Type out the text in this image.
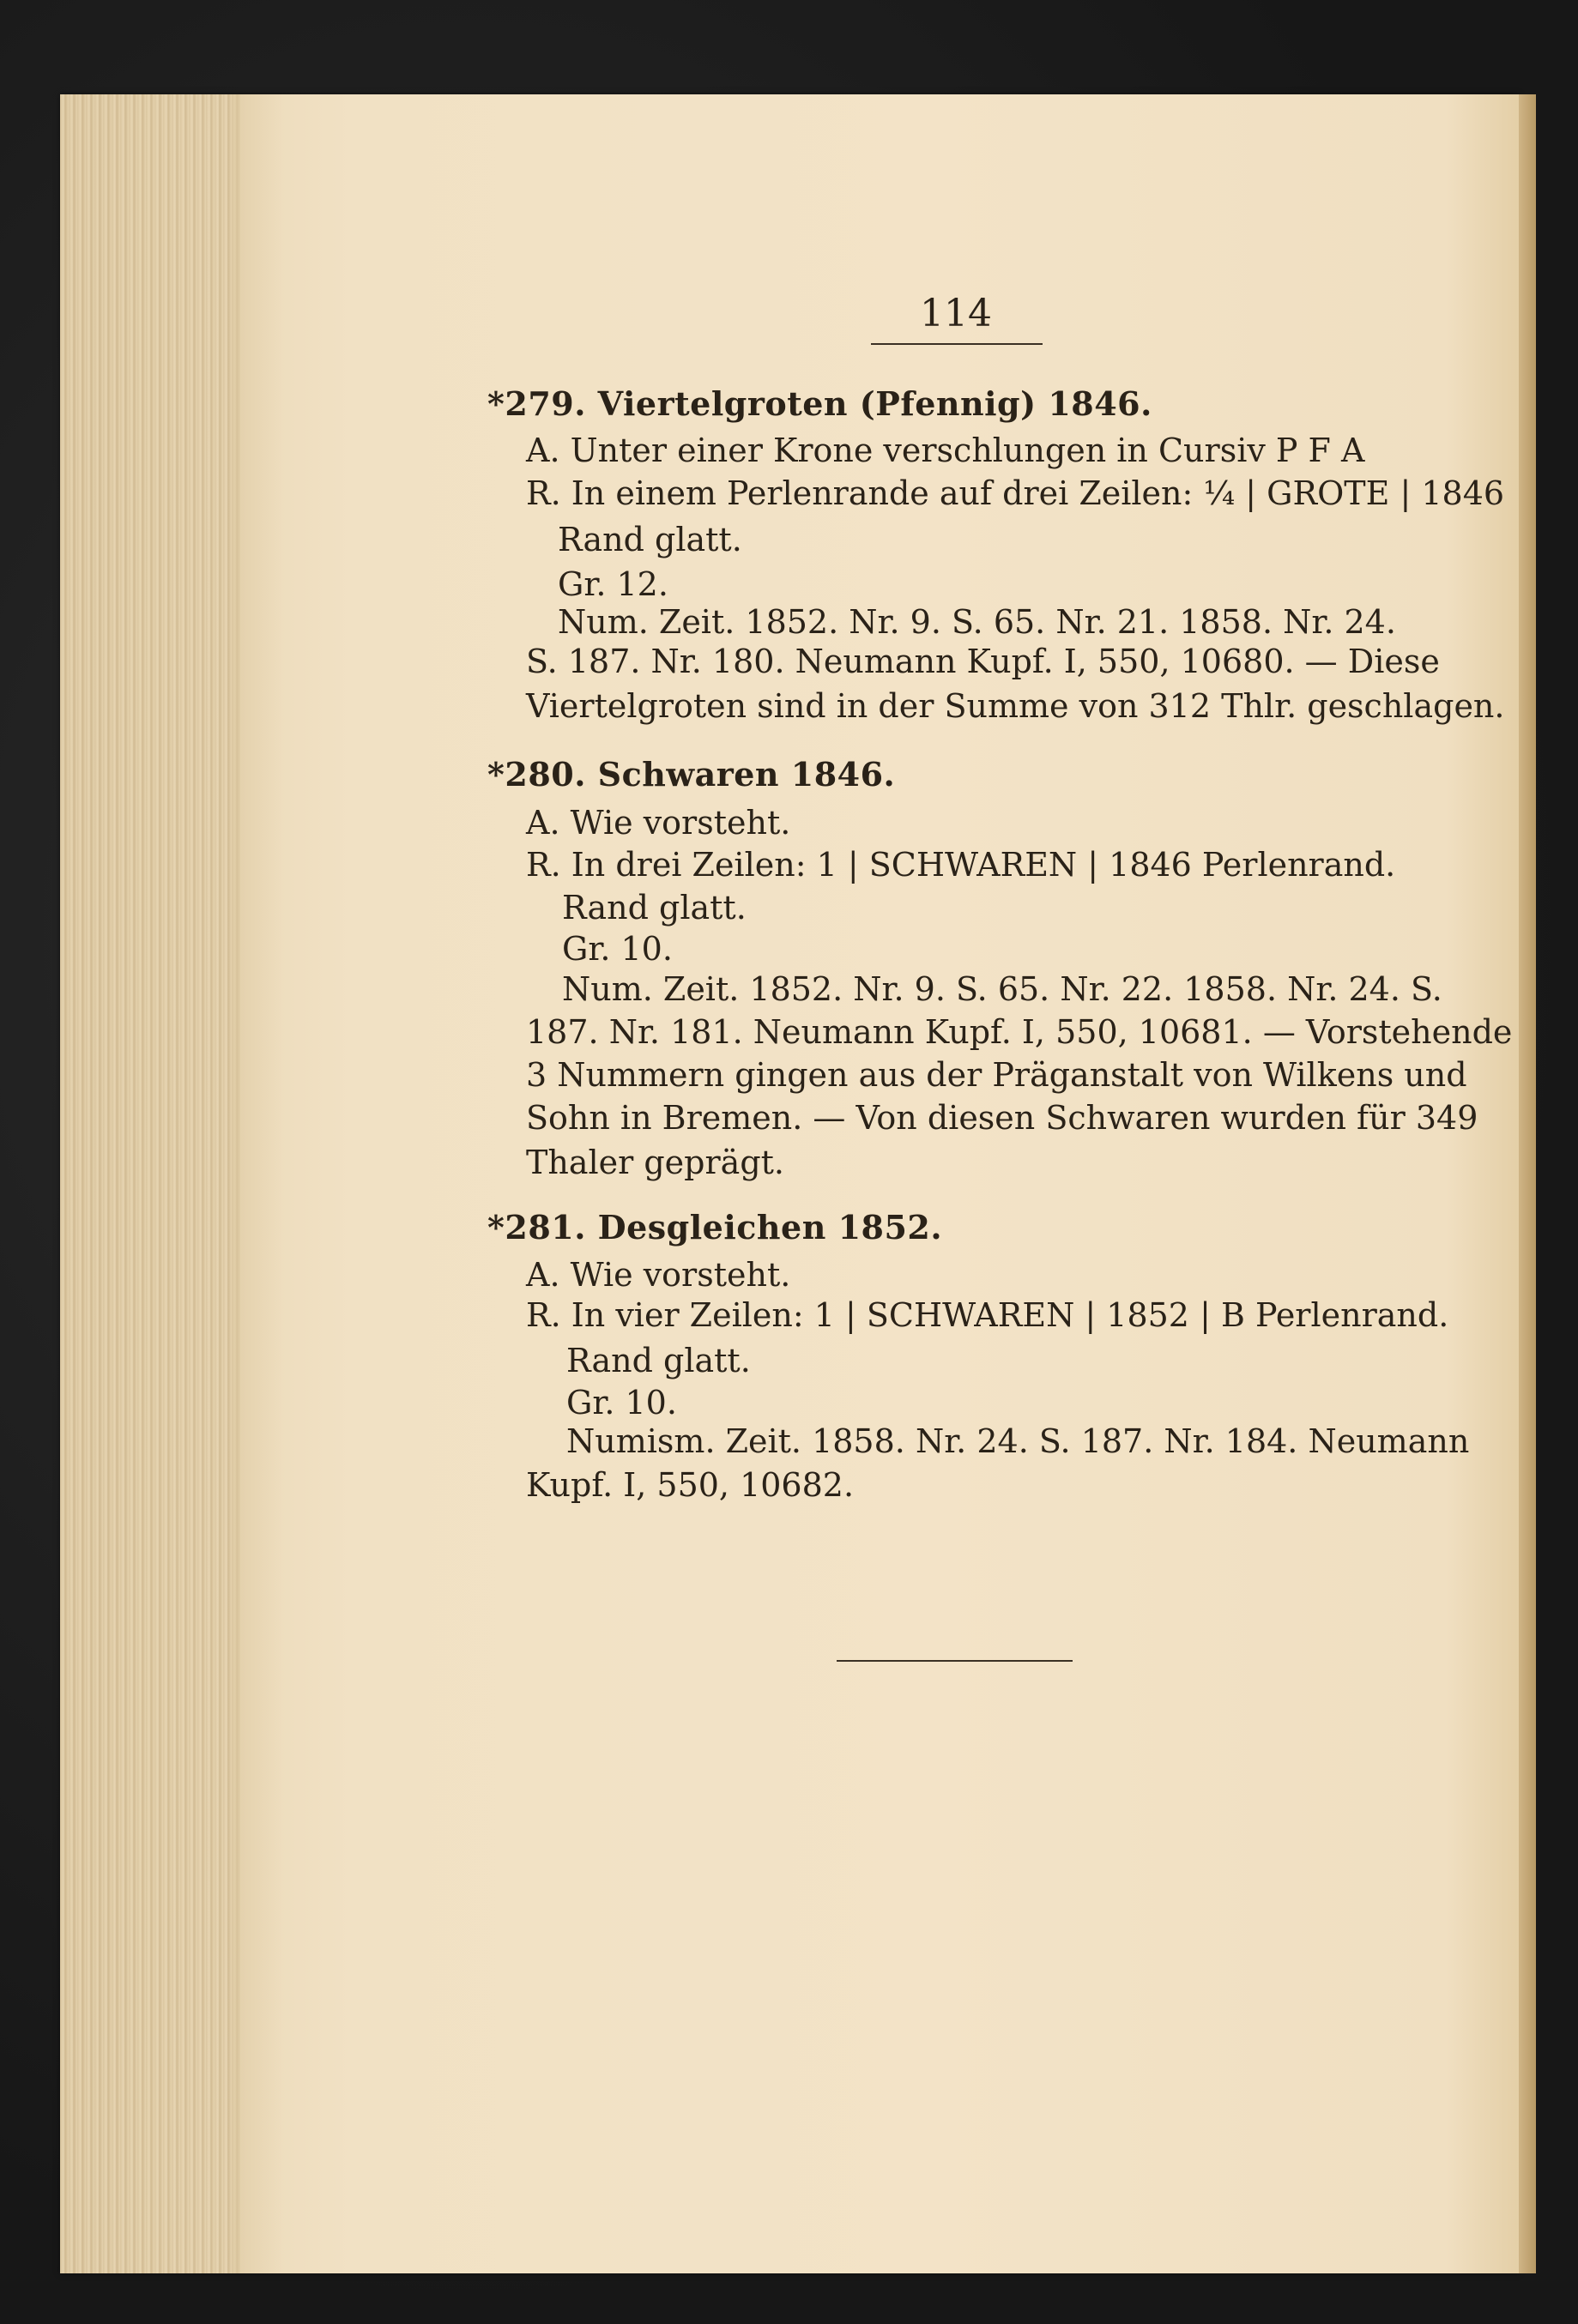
114
*279. Viertelgroten (Pfennig) 1846.
A. Unter einer Krone verschlungen in Cursiv P F A
R. In einem Perlenrande auf drei Zeilen: ¼ | GROTE | 1846
Rand glatt.
Gr. 12.
Num. Zeit. 1852. Nr. 9. S. 65. Nr. 21. 1858. Nr. 24.
S. 187. Nr. 180. Neumann Kupf. I, 550, 10680. — Diese
Viertelgroten sind in der Summe von 312 Thlr. geschlagen.
*280. Schwaren 1846.
A. Wie vorsteht.
R. In drei Zeilen: 1 | SCHWAREN | 1846 Perlenrand.
Rand glatt.
Gr. 10.
Num. Zeit. 1852. Nr. 9. S. 65. Nr. 22. 1858. Nr. 24. S.
187. Nr. 181. Neumann Kupf. I, 550, 10681. — Vorstehende
3 Nummern gingen aus der Präganstalt von Wilkens und
Sohn in Bremen. — Von diesen Schwaren wurden für 349
Thaler geprägt.
*281. Desgleichen 1852.
A. Wie vorsteht.
R. In vier Zeilen: 1 | SCHWAREN | 1852 | B Perlenrand.
Rand glatt.
Gr. 10.
Numism. Zeit. 1858. Nr. 24. S. 187. Nr. 184. Neumann
Kupf. I, 550, 10682.
